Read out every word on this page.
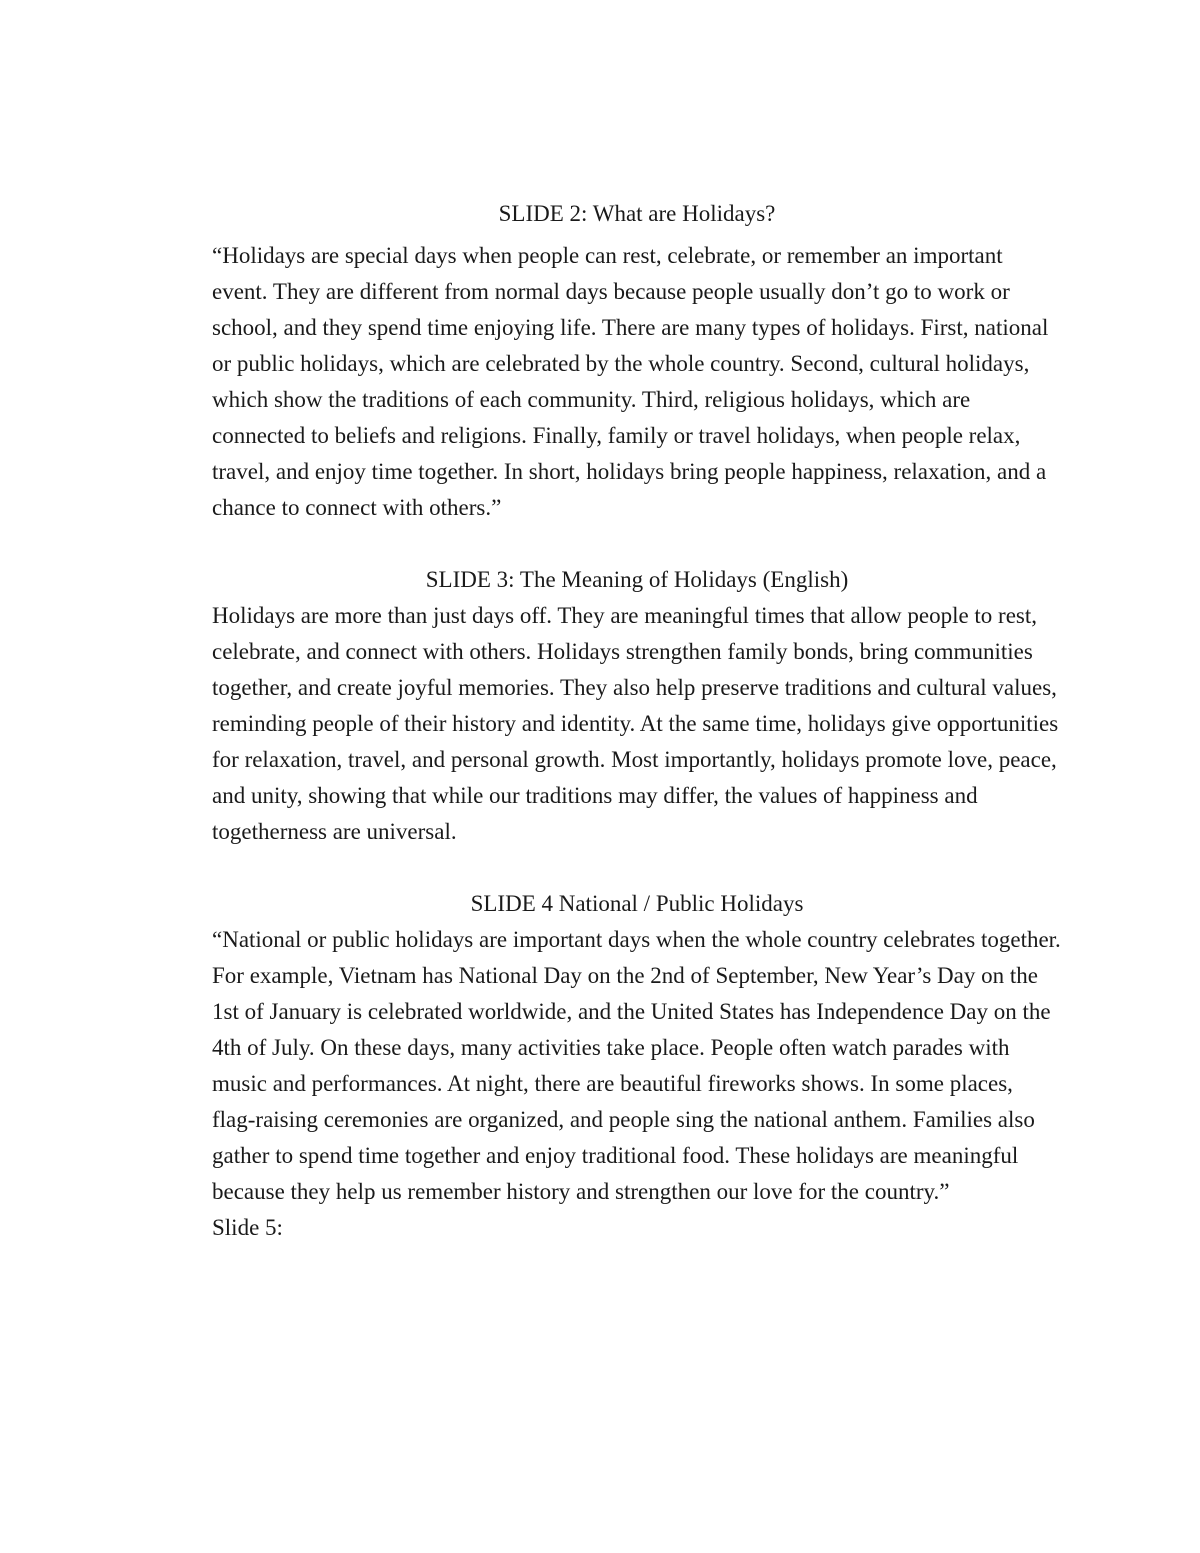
SLIDE 2: What are Holidays?

“Holidays are special days when people can rest, celebrate, or remember an important event. They are different from normal days because people usually don’t go to work or school, and they spend time enjoying life. There are many types of holidays. First, national or public holidays, which are celebrated by the whole country. Second, cultural holidays, which show the traditions of each community. Third, religious holidays, which are connected to beliefs and religions. Finally, family or travel holidays, when people relax, travel, and enjoy time together. In short, holidays bring people happiness, relaxation, and a chance to connect with others.”

SLIDE 3: The Meaning of Holidays (English)

Holidays are more than just days off. They are meaningful times that allow people to rest, celebrate, and connect with others. Holidays strengthen family bonds, bring communities together, and create joyful memories. They also help preserve traditions and cultural values, reminding people of their history and identity. At the same time, holidays give opportunities for relaxation, travel, and personal growth. Most importantly, holidays promote love, peace, and unity, showing that while our traditions may differ, the values of happiness and togetherness are universal.

SLIDE 4 National / Public Holidays

“National or public holidays are important days when the whole country celebrates together. For example, Vietnam has National Day on the 2nd of September, New Year’s Day on the 1st of January is celebrated worldwide, and the United States has Independence Day on the 4th of July. On these days, many activities take place. People often watch parades with music and performances. At night, there are beautiful fireworks shows. In some places, flag-raising ceremonies are organized, and people sing the national anthem. Families also gather to spend time together and enjoy traditional food. These holidays are meaningful because they help us remember history and strengthen our love for the country.”

Slide 5:
